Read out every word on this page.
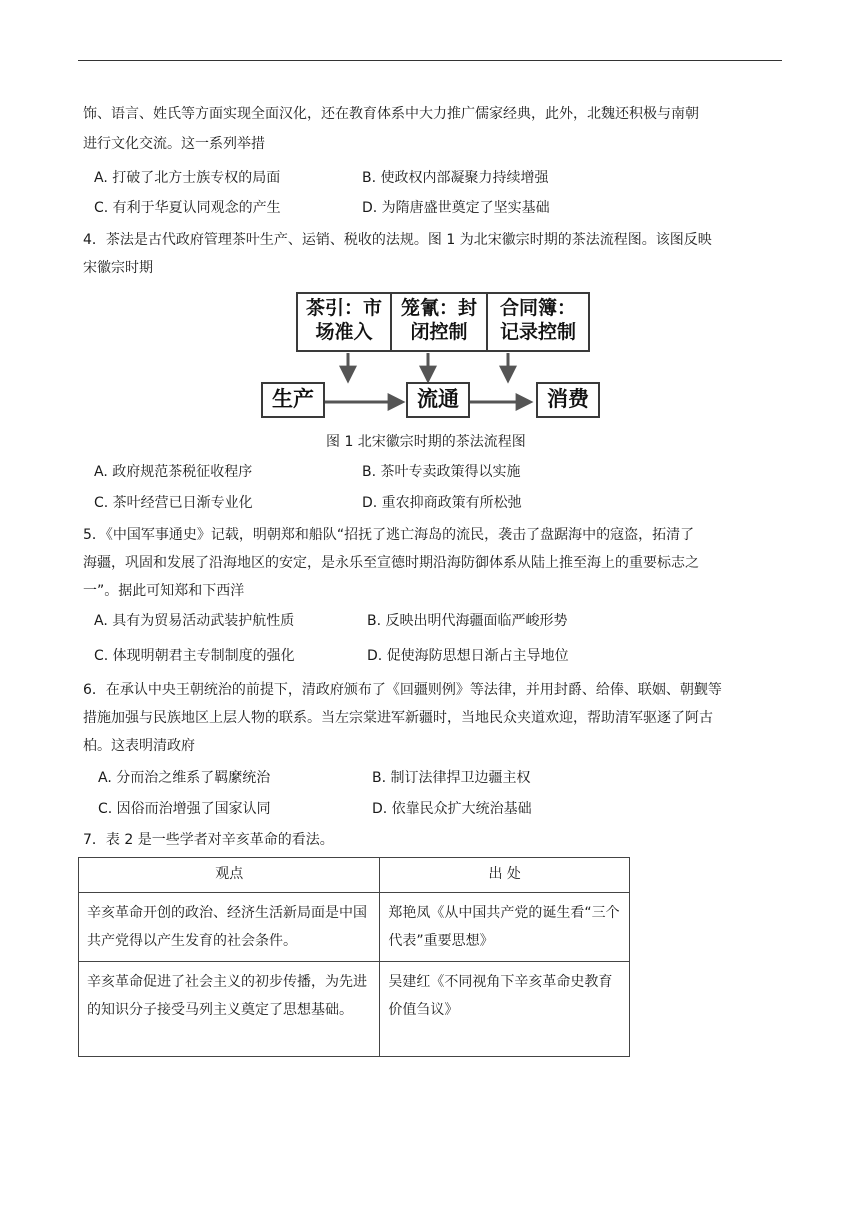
饰、语言、姓氏等方面实现全面汉化，还在教育体系中大力推广儒家经典，此外，北魏还积极与南朝
进行文化交流。这一系列举措
A. 打破了北方士族专权的局面	B. 使政权内部凝聚力持续增强
C. 有利于华夏认同观念的产生	D. 为隋唐盛世奠定了坚实基础
4．茶法是古代政府管理茶叶生产、运销、税收的法规。图 1 为北宋徽宗时期的茶法流程图。该图反映
宋徽宗时期
茶引：市
场准入
笼氰：封
闭控制
合同簿：
记录控制
生产	流通	消费
图 1 北宋徽宗时期的茶法流程图
A. 政府规范茶税征收程序	B. 茶叶专卖政策得以实施
C. 茶叶经营已日渐专业化	D. 重农抑商政策有所松弛
5．《中国军事通史》记载，明朝郑和船队“招抚了逃亡海岛的流民，袭击了盘踞海中的寇盗，拓清了
海疆，巩固和发展了沿海地区的安定，是永乐至宣德时期沿海防御体系从陆上推至海上的重要标志之
一”。据此可知郑和下西洋
A. 具有为贸易活动武装护航性质	B. 反映出明代海疆面临严峻形势
C. 体现明朝君主专制制度的强化	D. 促使海防思想日渐占主导地位
6．在承认中央王朝统治的前提下，清政府颁布了《回疆则例》等法律，并用封爵、给俸、联姻、朝觐等
措施加强与民族地区上层人物的联系。当左宗棠进军新疆时，当地民众夹道欢迎，帮助清军驱逐了阿古
柏。这表明清政府
A. 分而治之维系了羁縻统治	B. 制订法律捍卫边疆主权
C. 因俗而治增强了国家认同	D. 依靠民众扩大统治基础
7．表 2 是一些学者对辛亥革命的看法。
观点	出 处
辛亥革命开创的政治、经济生活新局面是中国共产党得以产生发育的社会条件。	郑艳凤《从中国共产党的诞生看“三个代表”重要思想》
辛亥革命促进了社会主义的初步传播，为先进的知识分子接受马列主义奠定了思想基础。	吴建红《不同视角下辛亥革命史教育价值刍议》
